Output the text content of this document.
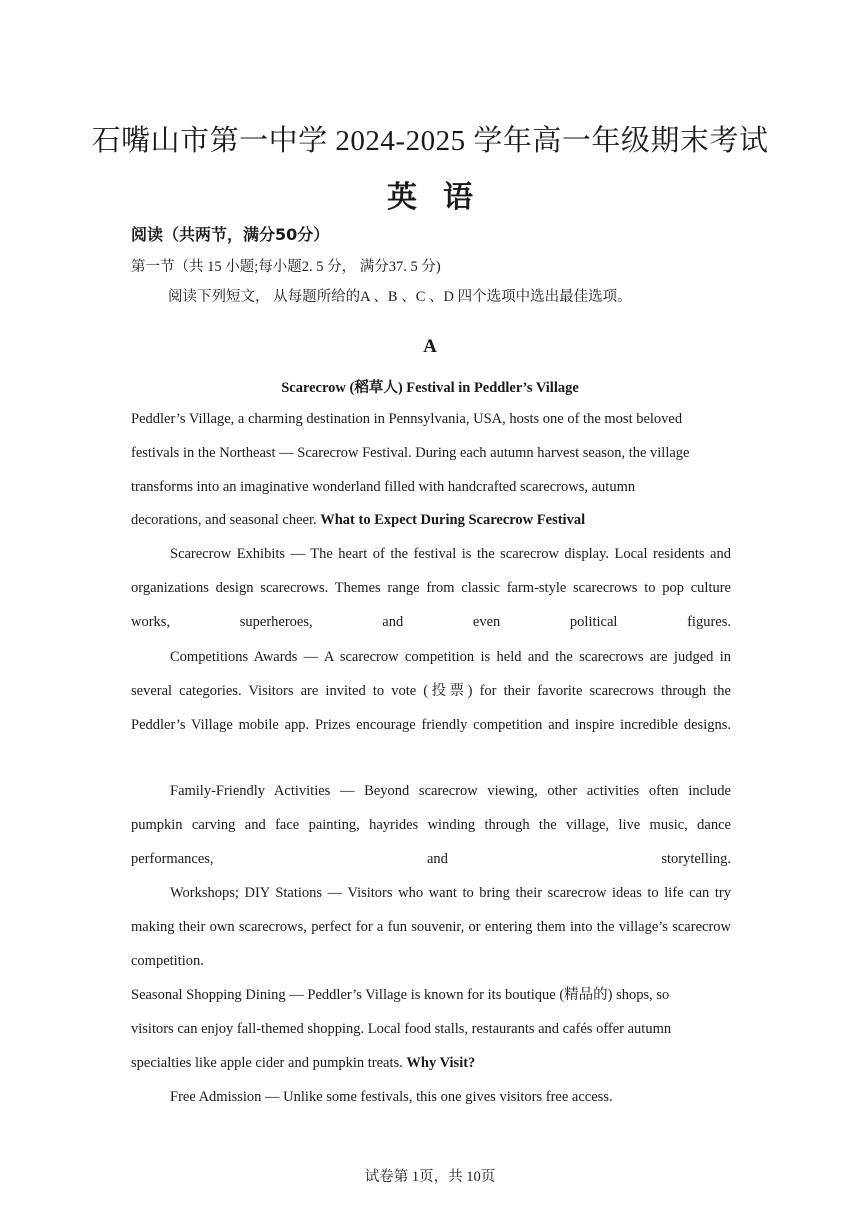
石嘴山市第一中学 2024-2025 学年高一年级期末考试
英语
阅读（共两节，满分50分）
第一节（共 15 小题;每小题2. 5 分， 满分37. 5 分)
阅读下列短文， 从每题所给的A 、B 、C 、D 四个选项中选出最佳选项。
A
Scarecrow (稻草人) Festival in Peddler’s Village
Peddler’s Village, a charming destination in Pennsylvania, USA, hosts one of the most beloved
festivals in the Northeast — Scarecrow Festival. During each autumn harvest season, the village
transforms into an imaginative wonderland filled with handcrafted scarecrows, autumn
decorations, and seasonal cheer. What to Expect During Scarecrow Festival

Scarecrow Exhibits — The heart of the festival is the scarecrow display. Local residents and organizations design scarecrows. Themes range from classic farm-style scarecrows to pop culture works, superheroes, and even political figures.

Competitions Awards — A scarecrow competition is held and the scarecrows are judged in several categories. Visitors are invited to vote (投票) for their favorite scarecrows through the Peddler’s Village mobile app. Prizes encourage friendly competition and inspire incredible designs.

Family-Friendly Activities — Beyond scarecrow viewing, other activities often include pumpkin carving and face painting, hayrides winding through the village, live music, dance performances, and storytelling.

Workshops; DIY Stations — Visitors who want to bring their scarecrow ideas to life can try making their own scarecrows, perfect for a fun souvenir, or entering them into the village’s scarecrow competition.

Seasonal Shopping Dining — Peddler’s Village is known for its boutique (精品的) shops, so
visitors can enjoy fall-themed shopping. Local food stalls, restaurants and cafés offer autumn
specialties like apple cider and pumpkin treats. Why Visit?

Free Admission — Unlike some festivals, this one gives visitors free access.

试卷第 1页，共 10页
